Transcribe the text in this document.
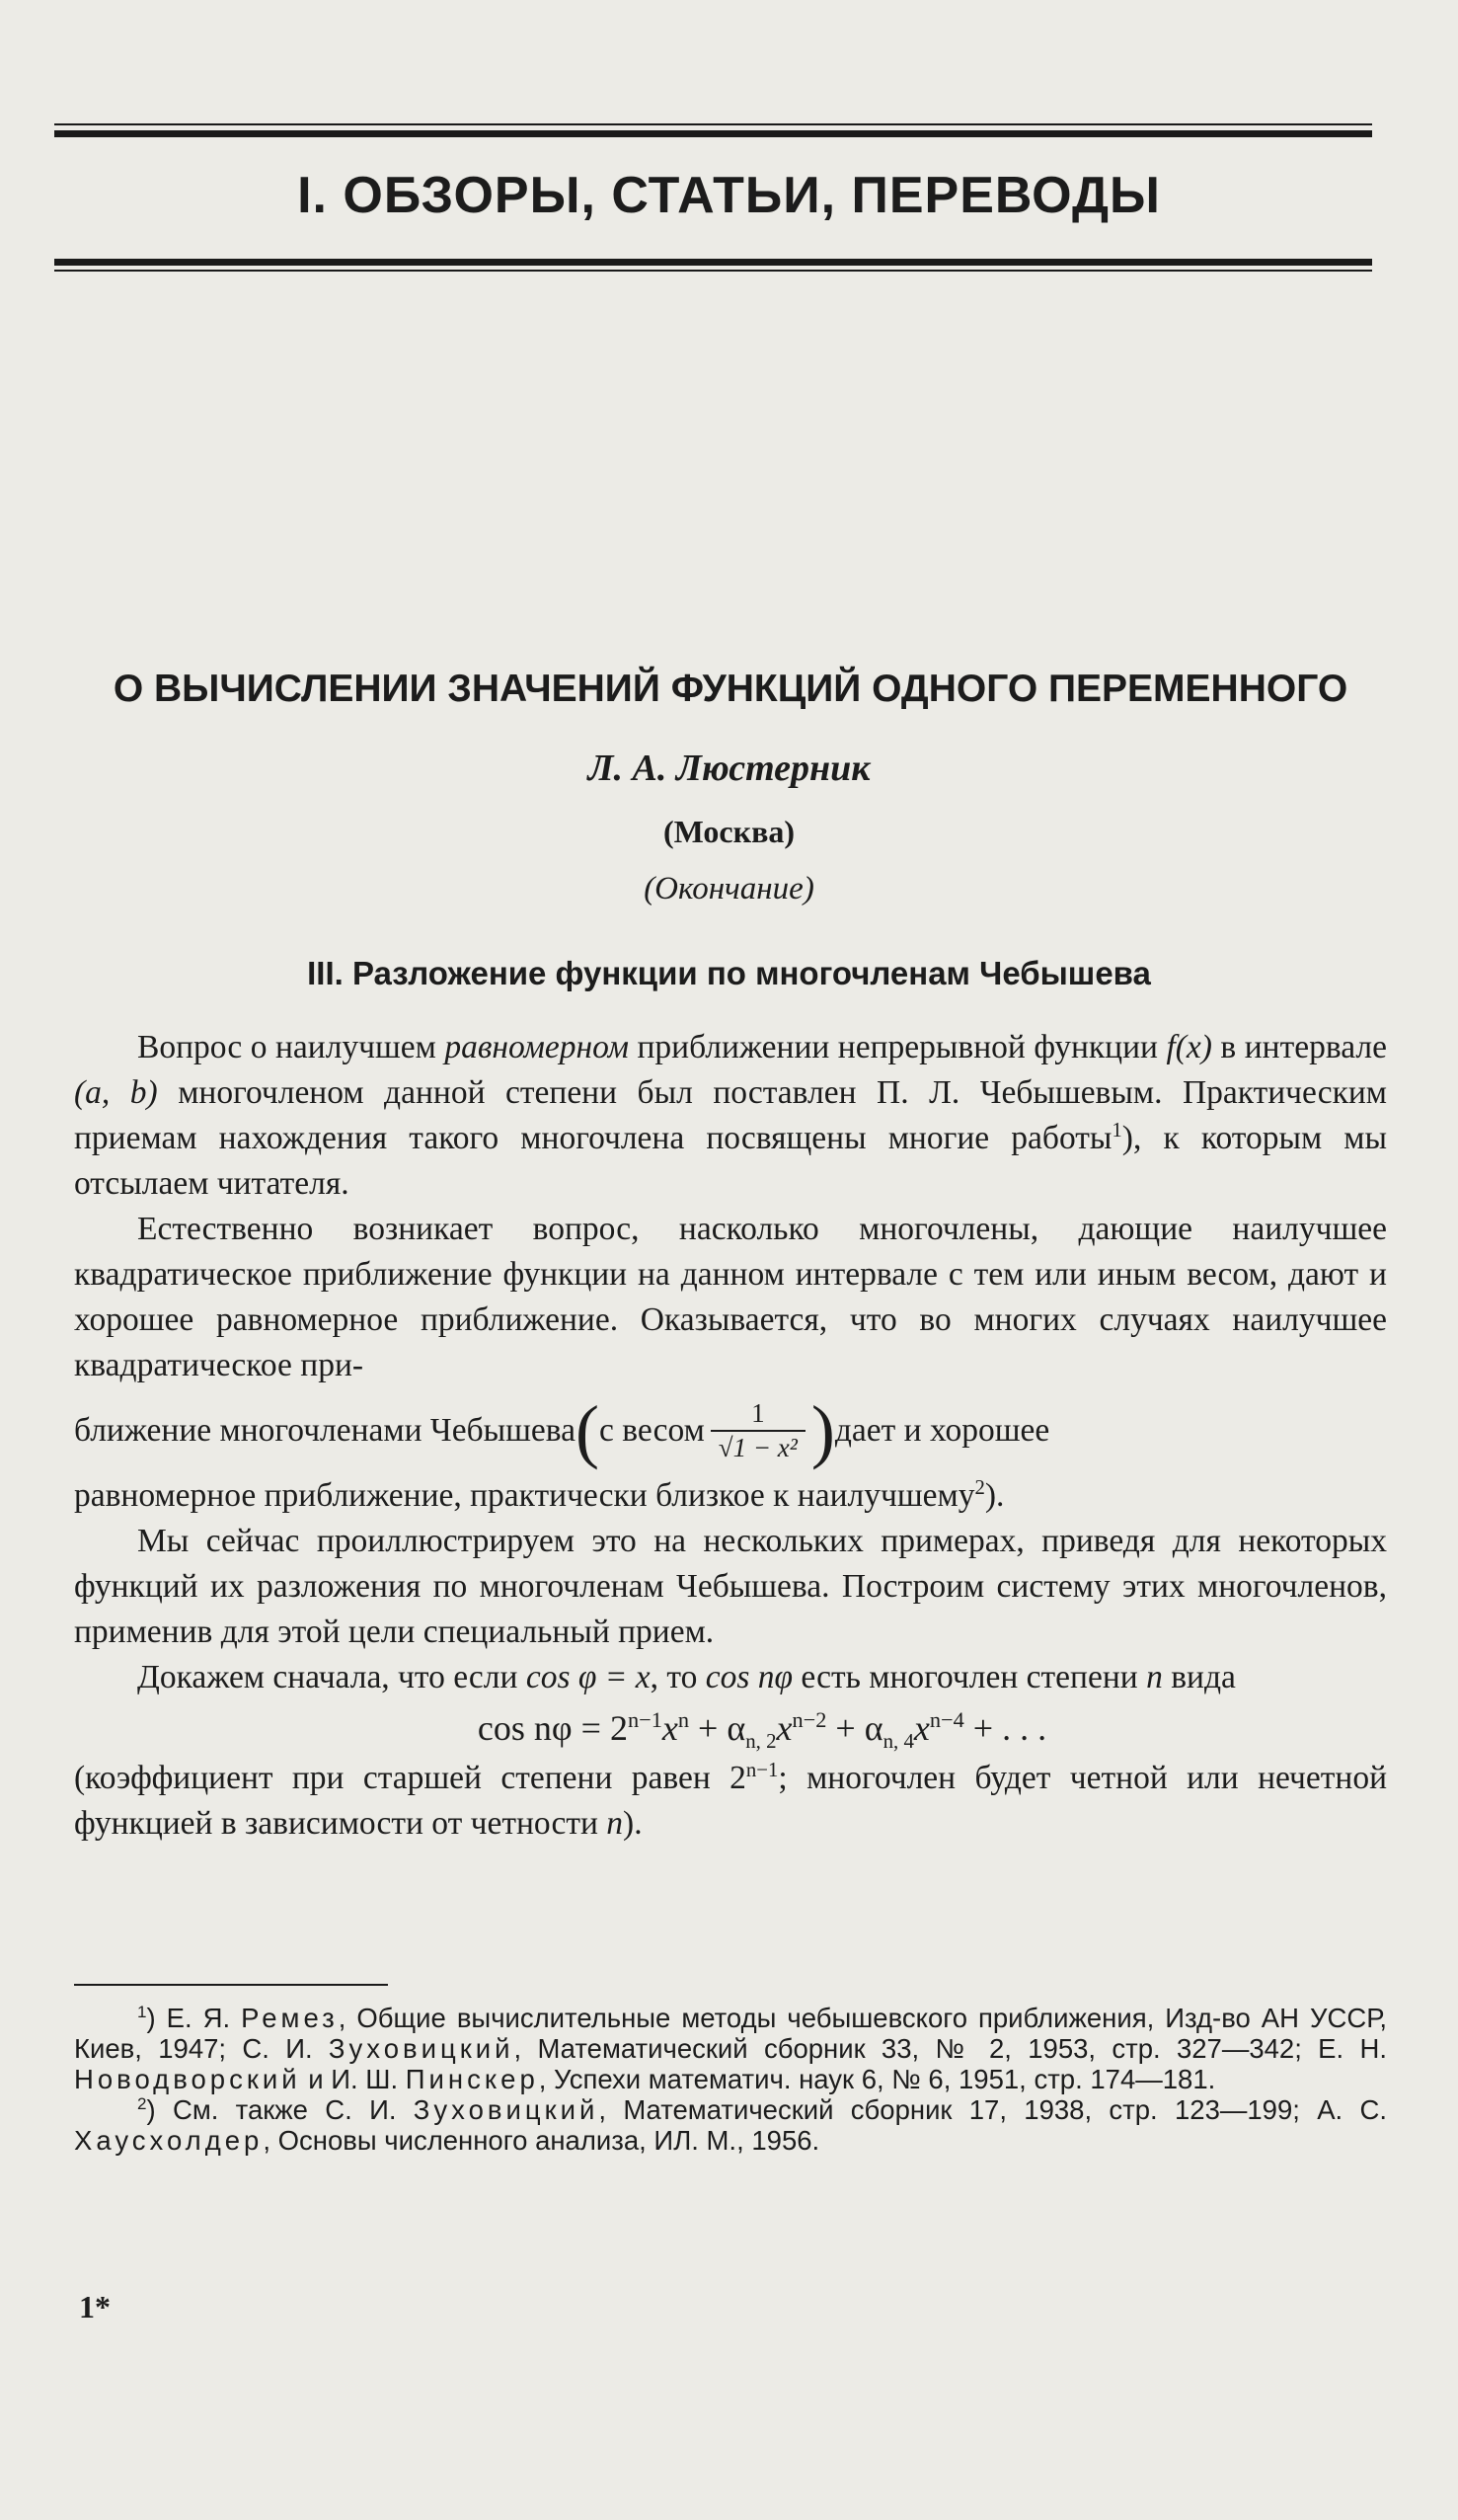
I. ОБЗОРЫ, СТАТЬИ, ПЕРЕВОДЫ
О ВЫЧИСЛЕНИИ ЗНАЧЕНИЙ ФУНКЦИЙ ОДНОГО ПЕРЕМЕННОГО
Л. А. Люстерник
(Москва)
(Окончание)
III. Разложение функции по многочленам Чебышева

Вопрос о наилучшем равномерном приближении непрерывной функции f(x) в интервале (a, b) многочленом данной степени был поставлен П. Л. Чебышевым. Практическим приемам нахождения такого многочлена посвящены многие работы$^1$), к которым мы отсылаем читателя.

Естественно возникает вопрос, насколько многочлены, дающие наилучшее квадратическое приближение функции на данном интервале с тем или иным весом, дают и хорошее равномерное приближение. Оказывается, что во многих случаях наилучшее квадратическое при-

ближение многочленами Чебышева ( с весом $\frac{1}{\text{√1 − x²}}$ ) дает и хорошее

равномерное приближение, практически близкое к наилучшему$^2$).

Мы сейчас проиллюстрируем это на нескольких примерах, приведя для некоторых функций их разложения по многочленам Чебышева. Построим систему этих многочленов, применив для этой цели специальный прием.

Докажем сначала, что если cos φ = x, то cos nφ есть многочлен степени n вида

$\cos n\varphi = 2^{n-1}x^n + \alpha_{n, 2}x^{n-2} + \alpha_{n, 4}x^{n-4}$ + . . .

(коэффициент при старшей степени равен $2^{n-1}$; многочлен будет четной или нечетной функцией в зависимости от четности n).

$^1$) Е. Я. Ремез, Общие вычислительные методы чебышевского приближения, Изд-во АН УССР, Киев, 1947; С. И. Зуховицкий, Математический сборник 33, № 2, 1953, стр. 327—342; Е. Н. Новодворский и И. Ш. Пинскер, Успехи математич. наук 6, № 6, 1951, стр. 174—181.

$^2$) См. также С. И. Зуховицкий, Математический сборник 17, 1938, стр. 123—199; А. С. Хаусхолдер, Основы численного анализа, ИЛ. М., 1956.

1*
